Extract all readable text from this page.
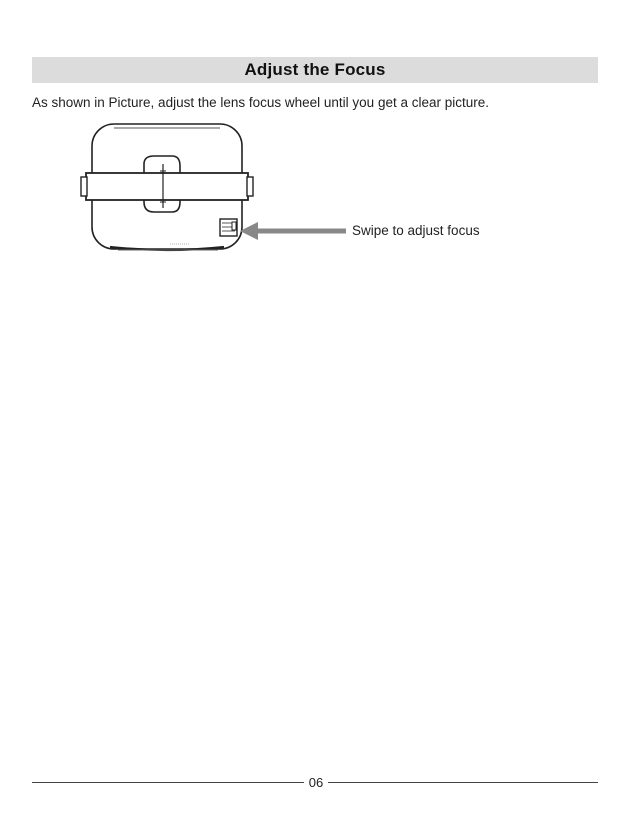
Adjust the Focus
As shown in Picture, adjust the lens focus wheel until you get a clear picture.
Swipe to adjust focus
06
